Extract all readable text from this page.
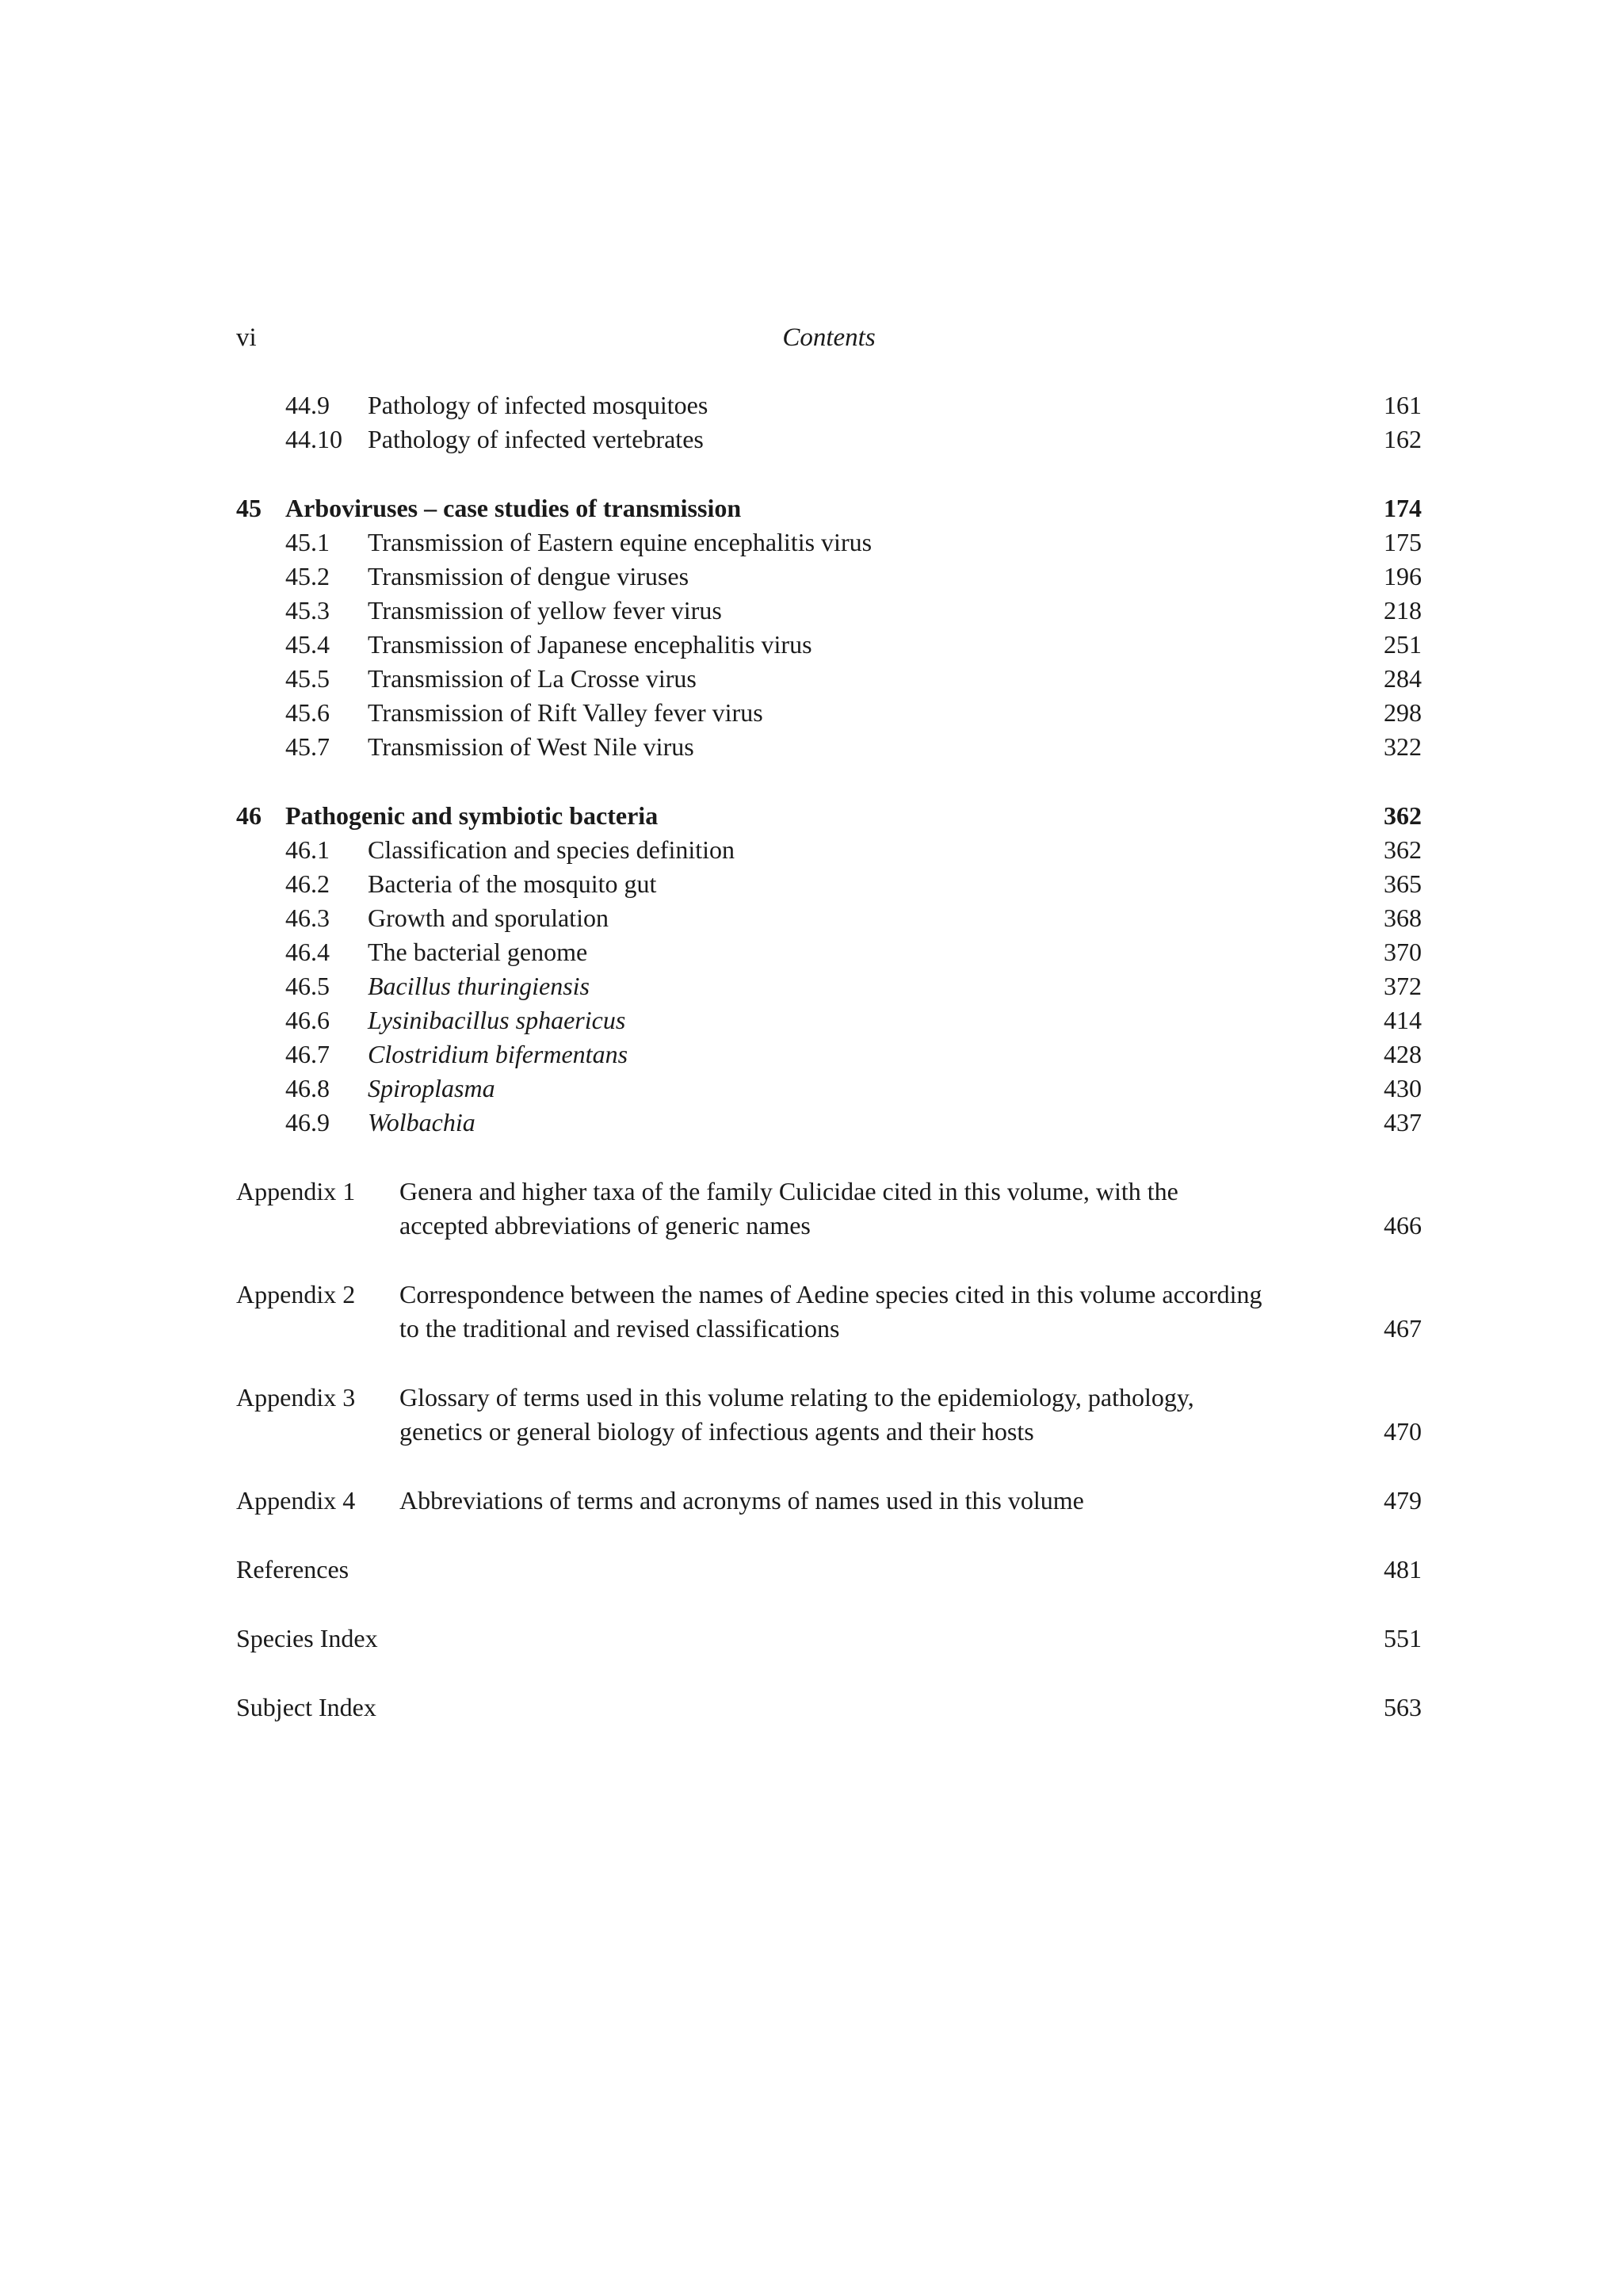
vi	Contents
44.9 Pathology of infected mosquitoes	161
44.10 Pathology of infected vertebrates	162
45 Arboviruses – case studies of transmission	174
45.1 Transmission of Eastern equine encephalitis virus	175
45.2 Transmission of dengue viruses	196
45.3 Transmission of yellow fever virus	218
45.4 Transmission of Japanese encephalitis virus	251
45.5 Transmission of La Crosse virus	284
45.6 Transmission of Rift Valley fever virus	298
45.7 Transmission of West Nile virus	322
46 Pathogenic and symbiotic bacteria	362
46.1 Classification and species definition	362
46.2 Bacteria of the mosquito gut	365
46.3 Growth and sporulation	368
46.4 The bacterial genome	370
46.5 Bacillus thuringiensis	372
46.6 Lysinibacillus sphaericus	414
46.7 Clostridium bifermentans	428
46.8 Spiroplasma	430
46.9 Wolbachia	437
Appendix 1 Genera and higher taxa of the family Culicidae cited in this volume, with the
accepted abbreviations of generic names	466
Appendix 2 Correspondence between the names of Aedine species cited in this volume according
to the traditional and revised classifications	467
Appendix 3 Glossary of terms used in this volume relating to the epidemiology, pathology,
genetics or general biology of infectious agents and their hosts	470
Appendix 4 Abbreviations of terms and acronyms of names used in this volume	479
References	481
Species Index	551
Subject Index	563
